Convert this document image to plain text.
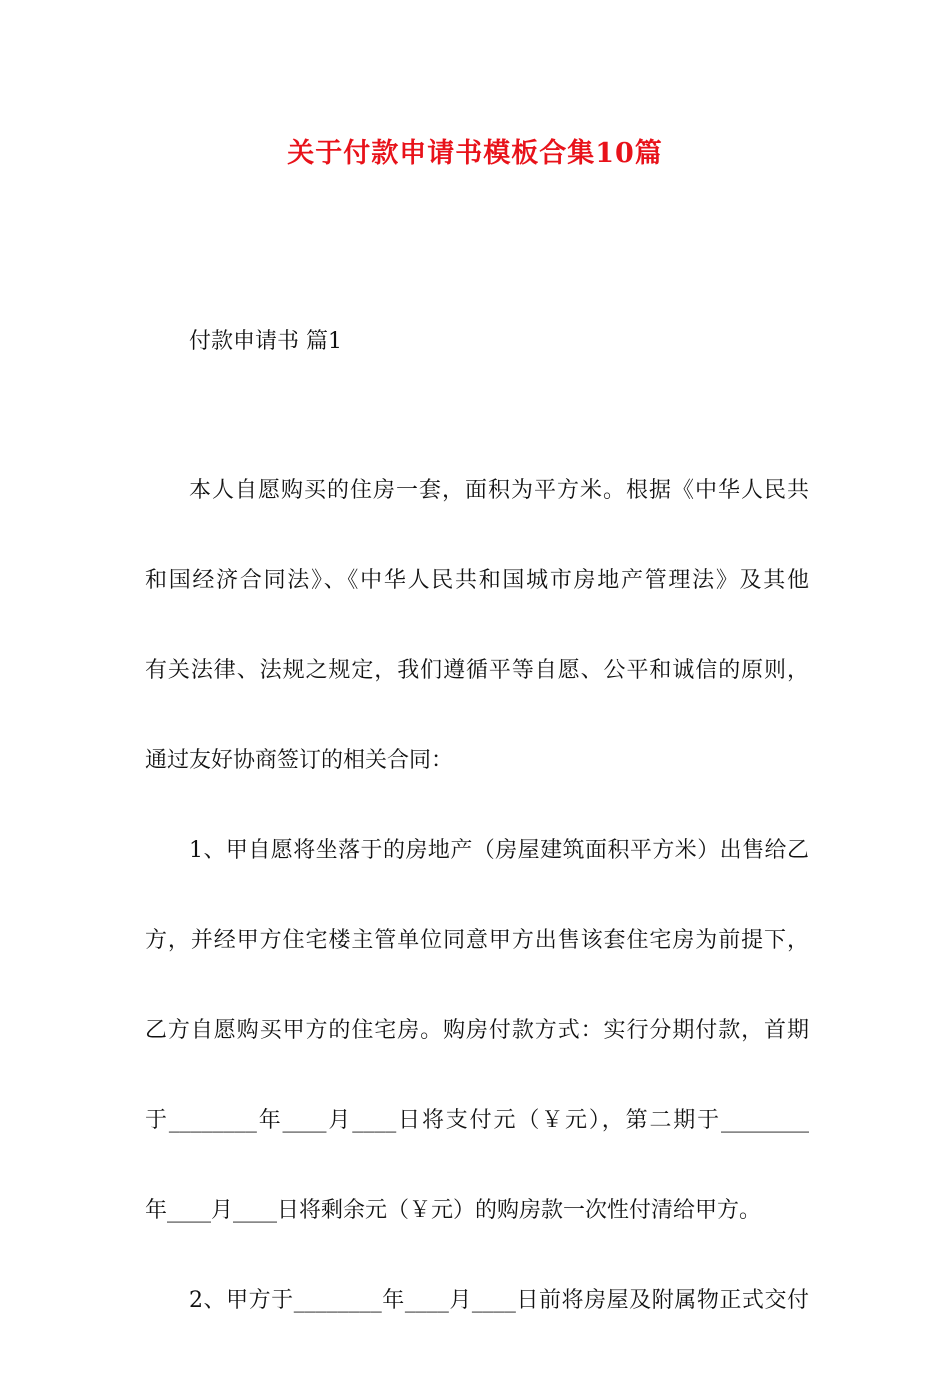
关于付款申请书模板合集10篇
付款申请书 篇1
本人自愿购买的住房一套，面积为平方米。根据《中华人民共
和国经济合同法》、《中华人民共和国城市房地产管理法》及其他
有关法律、法规之规定，我们遵循平等自愿、公平和诚信的原则，
通过友好协商签订的相关合同：
1、甲自愿将坐落于的房地产（房屋建筑面积平方米）出售给乙
方，并经甲方住宅楼主管单位同意甲方出售该套住宅房为前提下，
乙方自愿购买甲方的住宅房。购房付款方式：实行分期付款，首期
于________年____月____日将支付元（￥元），第二期于________
年____月____日将剩余元（￥元）的购房款一次性付清给甲方。
2、甲方于________年____月____日前将房屋及附属物正式交付
